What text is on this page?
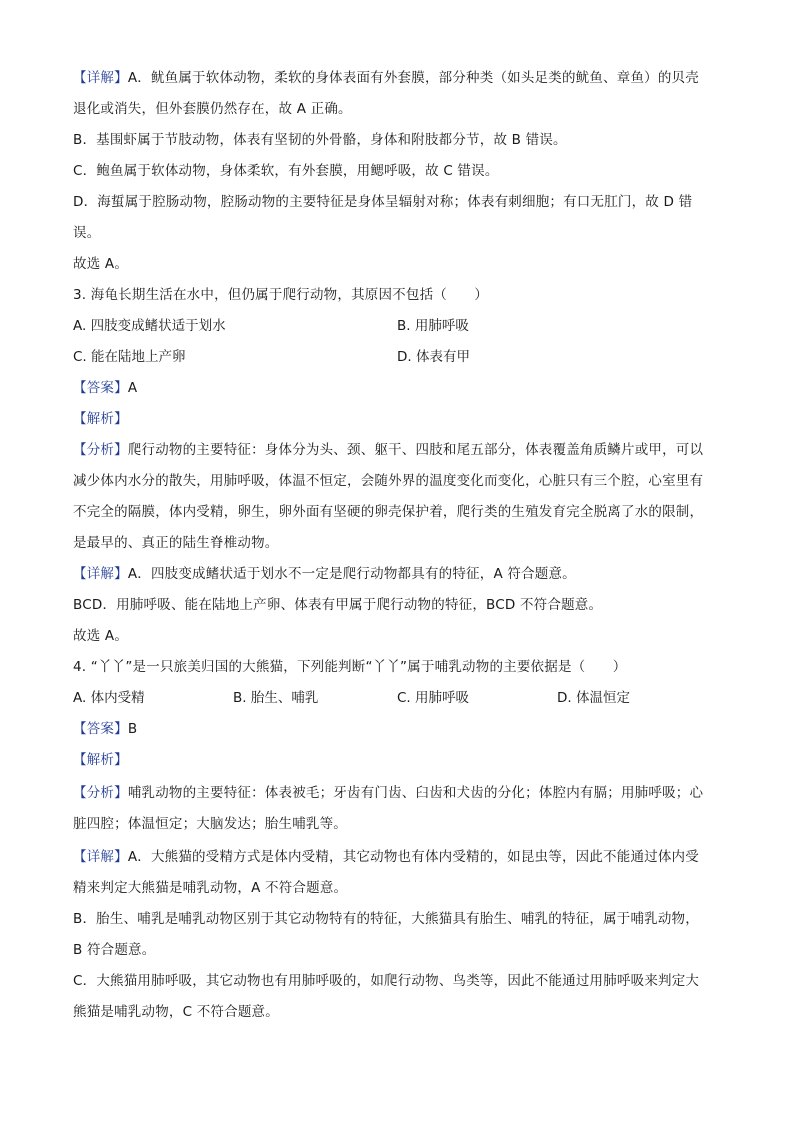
【详解】A．鱿鱼属于软体动物，柔软的身体表面有外套膜，部分种类（如头足类的鱿鱼、章鱼）的贝壳
退化或消失，但外套膜仍然存在，故 A 正确。
B．基围虾属于节肢动物，体表有坚韧的外骨骼，身体和附肢都分节，故 B 错误。
C．鲍鱼属于软体动物，身体柔软，有外套膜，用鳃呼吸，故 C 错误。
D．海蜇属于腔肠动物，腔肠动物的主要特征是身体呈辐射对称；体表有刺细胞；有口无肛门，故 D 错
误。
故选 A。
3. 海龟长期生活在水中，但仍属于爬行动物，其原因不包括（　　）
A. 四肢变成鳍状适于划水	B. 用肺呼吸
C. 能在陆地上产卵	D. 体表有甲
【答案】A
【解析】
【分析】爬行动物的主要特征：身体分为头、颈、躯干、四肢和尾五部分，体表覆盖角质鳞片或甲，可以
减少体内水分的散失，用肺呼吸，体温不恒定，会随外界的温度变化而变化，心脏只有三个腔，心室里有
不完全的隔膜，体内受精，卵生，卵外面有坚硬的卵壳保护着，爬行类的生殖发育完全脱离了水的限制，
是最早的、真正的陆生脊椎动物。
【详解】A．四肢变成鳍状适于划水不一定是爬行动物都具有的特征，A 符合题意。
BCD．用肺呼吸、能在陆地上产卵、体表有甲属于爬行动物的特征，BCD 不符合题意。
故选 A。
4. “丫丫”是一只旅美归国的大熊猫，下列能判断“丫丫”属于哺乳动物的主要依据是（　　）
A. 体内受精	B. 胎生、哺乳	C. 用肺呼吸	D. 体温恒定
【答案】B
【解析】
【分析】哺乳动物的主要特征：体表被毛；牙齿有门齿、臼齿和犬齿的分化；体腔内有膈；用肺呼吸；心
脏四腔；体温恒定；大脑发达；胎生哺乳等。
【详解】A．大熊猫的受精方式是体内受精，其它动物也有体内受精的，如昆虫等，因此不能通过体内受
精来判定大熊猫是哺乳动物，A 不符合题意。
B．胎生、哺乳是哺乳动物区别于其它动物特有的特征，大熊猫具有胎生、哺乳的特征，属于哺乳动物，
B 符合题意。
C．大熊猫用肺呼吸，其它动物也有用肺呼吸的，如爬行动物、鸟类等，因此不能通过用肺呼吸来判定大
熊猫是哺乳动物，C 不符合题意。
